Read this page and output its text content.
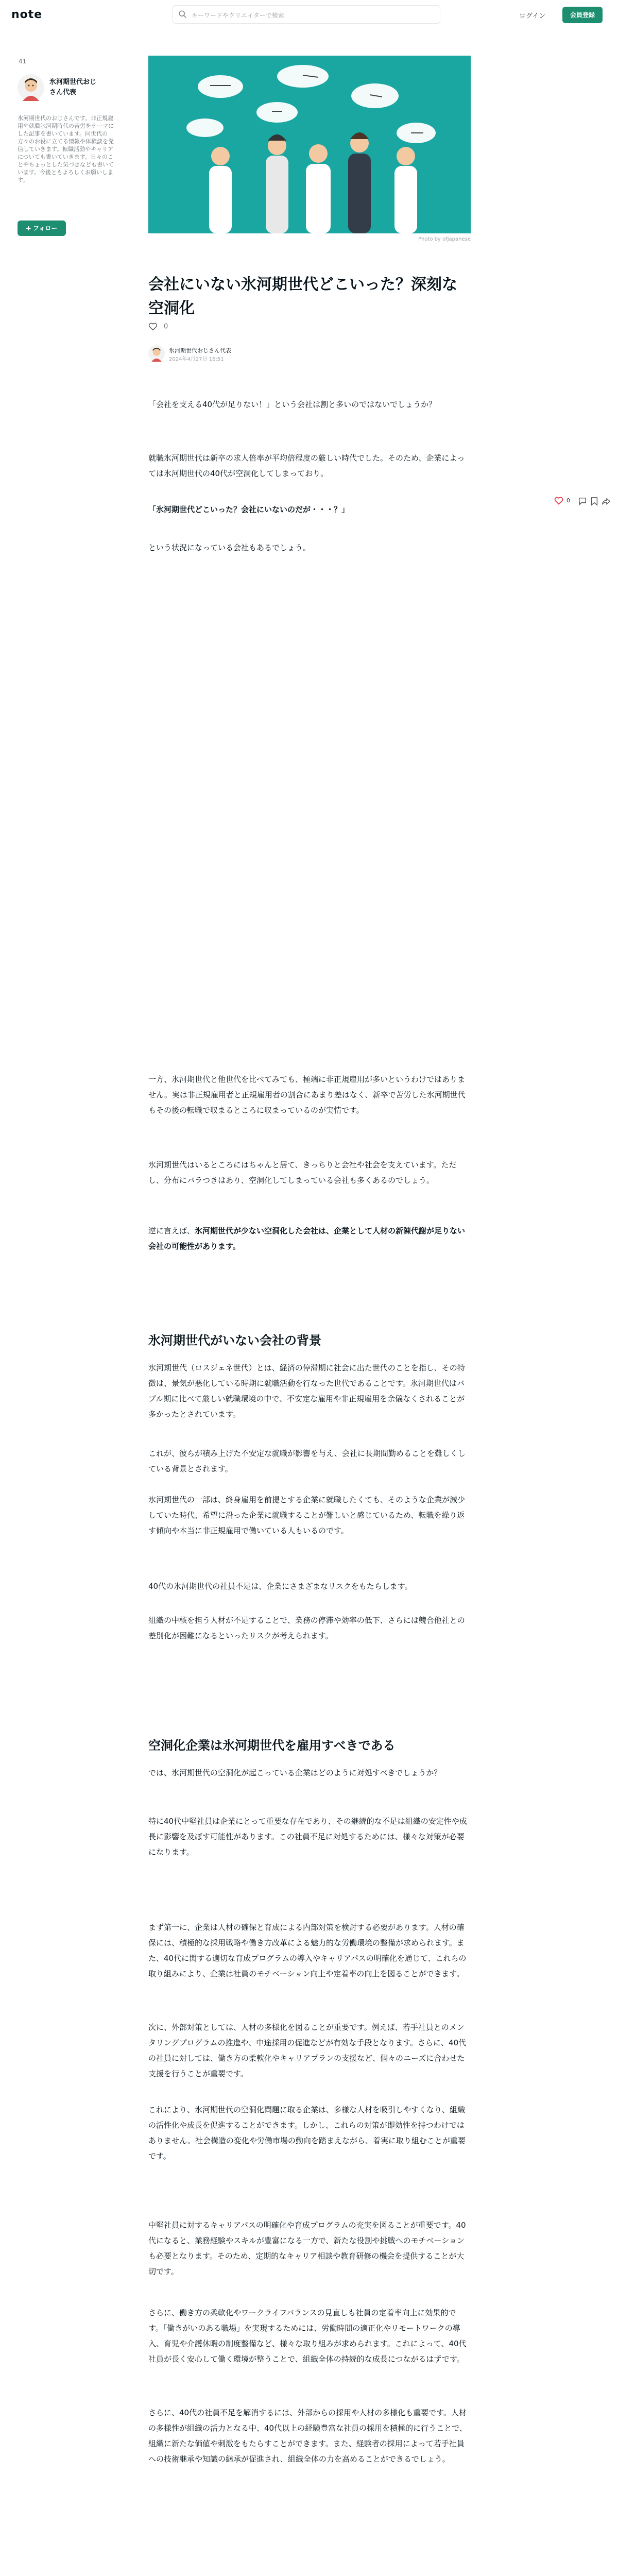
note	キーワードやクリエイターで検索	ログイン	会員登録
41
氷河期世代おじさん代表
氷河期世代のおじさんです。非正規雇用や就職氷河期時代の苦労をテーマにした記事を書いています。同世代の方々のお役に立てる情報や体験談を発信していきます。転職活動やキャリアについても書いていきます。日々のことやちょっとした気づきなども書いています。今後ともよろしくお願いします。
➕︎ フォロー
Photo by ofjapanese
会社にいない氷河期世代どこいった？深刻な空洞化
0
氷河期世代おじさん代表
2024年4月27日 16:51
0

「会社を支える40代が足りない！」という会社は割と多いのではないでしょうか？

就職氷河期世代は新卒の求人倍率が平均倍程度の厳しい時代でした。そのため、企業によっては氷河期世代の40代が空洞化してしまっており。

「氷河期世代どこいった？会社にいないのだが・・・？」

という状況になっている会社もあるでしょう。

一方、氷河期世代と他世代を比べてみても、極端に非正規雇用が多いというわけではありません。実は非正規雇用者と正規雇用者の割合にあまり差はなく、新卒で苦労した氷河期世代もその後の転職で収まるところに収まっているのが実情です。

氷河期世代はいるところにはちゃんと居て、きっちりと会社や社会を支えています。ただし、分布にバラつきはあり、空洞化してしまっている会社も多くあるのでしょう。

逆に言えば、氷河期世代が少ない空洞化した会社は、企業として人材の新陳代謝が足りない会社の可能性があります。

氷河期世代がいない会社の背景

氷河期世代（ロスジェネ世代）とは、経済の停滞期に社会に出た世代のことを指し、その特徴は、景気が悪化している時期に就職活動を行なった世代であることです。氷河期世代はバブル期に比べて厳しい就職環境の中で、不安定な雇用や非正規雇用を余儀なくされることが多かったとされています。

これが、彼らが積み上げた不安定な就職が影響を与え、会社に長期間勤めることを難しくしている背景とされます。

氷河期世代の一部は、終身雇用を前提とする企業に就職したくても、そのような企業が減少していた時代、希望に沿った企業に就職することが難しいと感じているため、転職を繰り返す傾向や本当に非正規雇用で働いている人もいるのです。

40代の氷河期世代の社員不足は、企業にさまざまなリスクをもたらします。

組織の中核を担う人材が不足することで、業務の停滞や効率の低下、さらには競合他社との差別化が困難になるといったリスクが考えられます。

空洞化企業は氷河期世代を雇用すべきである

では、氷河期世代の空洞化が起こっている企業はどのように対処すべきでしょうか？

特に40代中堅社員は企業にとって重要な存在であり、その継続的な不足は組織の安定性や成長に影響を及ぼす可能性があります。この社員不足に対処するためには、様々な対策が必要になります。

まず第一に、企業は人材の確保と育成による内部対策を検討する必要があります。人材の確保には、積極的な採用戦略や働き方改革による魅力的な労働環境の整備が求められます。また、40代に関する適切な育成プログラムの導入やキャリアパスの明確化を通じて、これらの取り組みにより、企業は社員のモチベーション向上や定着率の向上を図ることができます。

次に、外部対策としては、人材の多様化を図ることが重要です。例えば、若手社員とのメンタリングプログラムの推進や、中途採用の促進などが有効な手段となります。さらに、40代の社員に対しては、働き方の柔軟化やキャリアプランの支援など、個々のニーズに合わせた支援を行うことが重要です。

これにより、氷河期世代の空洞化問題に取る企業は、多様な人材を吸引しやすくなり、組織の活性化や成長を促進することができます。しかし、これらの対策が即効性を持つわけではありません。社会構造の変化や労働市場の動向を踏まえながら、着実に取り組むことが重要です。

中堅社員に対するキャリアパスの明確化や育成プログラムの充実を図ることが重要です。40代になると、業務経験やスキルが豊富になる一方で、新たな役割や挑戦へのモチベーションも必要となります。そのため、定期的なキャリア相談や教育研修の機会を提供することが大切です。

さらに、働き方の柔軟化やワークライフバランスの見直しも社員の定着率向上に効果的です。「働きがいのある職場」を実現するためには、労働時間の適正化やリモートワークの導入、育児や介護休暇の制度整備など、様々な取り組みが求められます。これによって、40代社員が長く安心して働く環境が整うことで、組織全体の持続的な成長につながるはずです。

さらに、40代の社員不足を解消するには、外部からの採用や人材の多様化も重要です。人材の多様性が組織の活力となる中、40代以上の経験豊富な社員の採用を積極的に行うことで、組織に新たな価値や刺激をもたらすことができます。また、経験者の採用によって若手社員への技術継承や知識の継承が促進され、組織全体の力を高めることができるでしょう。
